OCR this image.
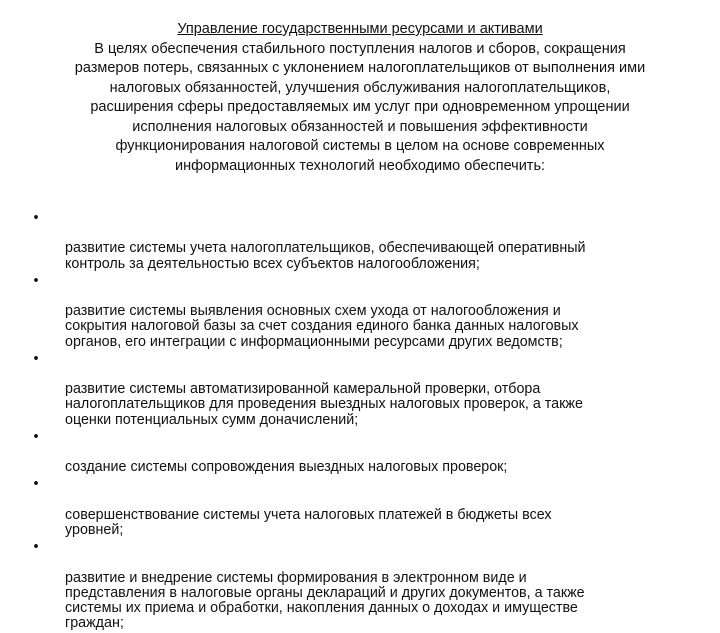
Управление государственными ресурсами и активами
В целях обеспечения стабильного поступления налогов и сборов, сокращения
размеров потерь, связанных с уклонением налогоплательщиков от выполнения ими
налоговых обязанностей, улучшения обслуживания налогоплательщиков,
расширения сферы предоставляемых им услуг при одновременном упрощении
исполнения налоговых обязанностей и повышения эффективности
функционирования налоговой системы в целом на основе современных
информационных технологий необходимо обеспечить:

•

развитие системы учета налогоплательщиков, обеспечивающей оперативный
контроль за деятельностью всех субъектов налогообложения;

•

развитие системы выявления основных схем ухода от налогообложения и
сокрытия налоговой базы за счет создания единого банка данных налоговых
органов, его интеграции с информационными ресурсами других ведомств;

•

развитие системы автоматизированной камеральной проверки, отбора
налогоплательщиков для проведения выездных налоговых проверок, а также
оценки потенциальных сумм доначислений;

•

создание системы сопровождения выездных налоговых проверок;

•

совершенствование системы учета налоговых платежей в бюджеты всех
уровней;

•

развитие и внедрение системы формирования в электронном виде и
представления в налоговые органы деклараций и других документов, а также
системы их приема и обработки, накопления данных о доходах и имуществе
граждан;
